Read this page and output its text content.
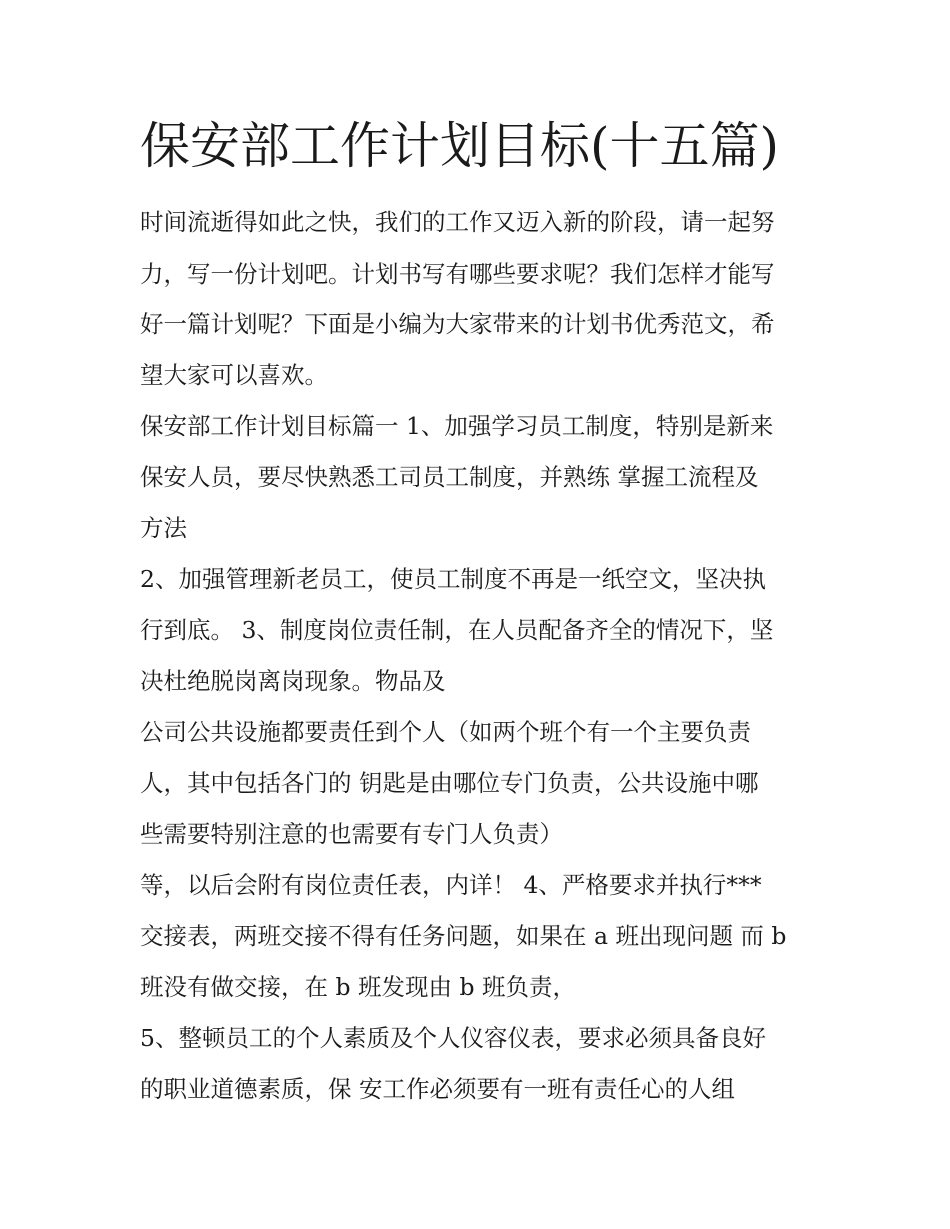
保安部工作计划目标(十五篇)

时间流逝得如此之快，我们的工作又迈入新的阶段，请一起努

力，写一份计划吧。计划书写有哪些要求呢？我们怎样才能写

好一篇计划呢？下面是小编为大家带来的计划书优秀范文，希

望大家可以喜欢。

保安部工作计划目标篇一 1、加强学习员工制度，特别是新来

保安人员，要尽快熟悉工司员工制度，并熟练 掌握工流程及

方法

2、加强管理新老员工，使员工制度不再是一纸空文，坚决执

行到底。 3、制度岗位责任制，在人员配备齐全的情况下，坚

决杜绝脱岗离岗现象。物品及

公司公共设施都要责任到个人（如两个班个有一个主要负责

人，其中包括各门的 钥匙是由哪位专门负责，公共设施中哪

些需要特别注意的也需要有专门人负责）

等，以后会附有岗位责任表，内详！ 4、严格要求并执行***

交接表，两班交接不得有任务问题，如果在 a 班出现问题 而 b

班没有做交接，在 b 班发现由 b 班负责，

5、整顿员工的个人素质及个人仪容仪表，要求必须具备良好

的职业道德素质，保 安工作必须要有一班有责任心的人组
